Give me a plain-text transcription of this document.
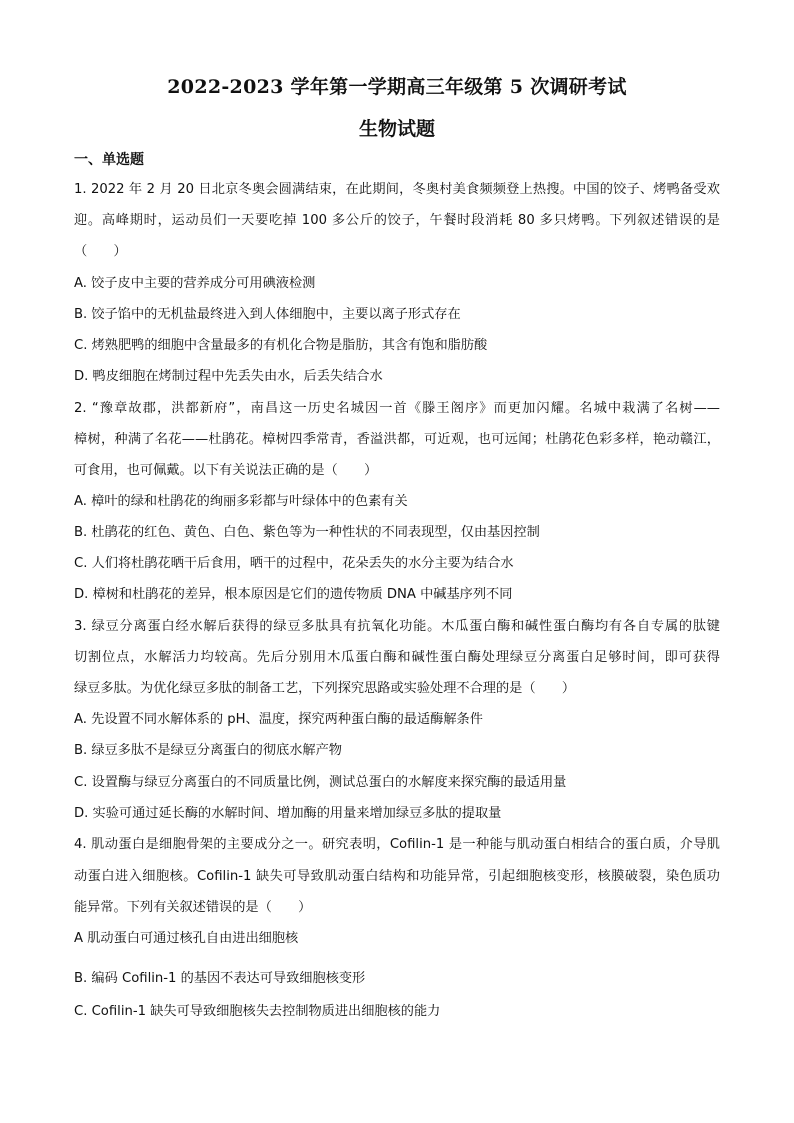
2022-2023 学年第一学期高三年级第 5 次调研考试
生物试题
一、单选题
1. 2022 年 2 月 20 日北京冬奥会圆满结束，在此期间，冬奥村美食频频登上热搜。中国的饺子、烤鸭备受欢
迎。高峰期时，运动员们一天要吃掉 100 多公斤的饺子，午餐时段消耗 80 多只烤鸭。下列叙述错误的是
（　　）
A. 饺子皮中主要的营养成分可用碘液检测
B. 饺子馅中的无机盐最终进入到人体细胞中，主要以离子形式存在
C. 烤熟肥鸭的细胞中含量最多的有机化合物是脂肪，其含有饱和脂肪酸
D. 鸭皮细胞在烤制过程中先丢失由水，后丢失结合水
2. “豫章故郡，洪都新府”，南昌这一历史名城因一首《滕王阁序》而更加闪耀。名城中栽满了名树——
樟树，种满了名花——杜鹃花。樟树四季常青，香溢洪都，可近观，也可远闻；杜鹃花色彩多样，艳动赣江，
可食用，也可佩戴。以下有关说法正确的是（　　）
A. 樟叶的绿和杜鹃花的绚丽多彩都与叶绿体中的色素有关
B. 杜鹃花的红色、黄色、白色、紫色等为一种性状的不同表现型，仅由基因控制
C. 人们将杜鹃花晒干后食用，晒干的过程中，花朵丢失的水分主要为结合水
D. 樟树和杜鹃花的差异，根本原因是它们的遗传物质 DNA 中碱基序列不同
3. 绿豆分离蛋白经水解后获得的绿豆多肽具有抗氧化功能。木瓜蛋白酶和碱性蛋白酶均有各自专属的肽键
切割位点，水解活力均较高。先后分别用木瓜蛋白酶和碱性蛋白酶处理绿豆分离蛋白足够时间，即可获得
绿豆多肽。为优化绿豆多肽的制备工艺，下列探究思路或实验处理不合理的是（　　）
A. 先设置不同水解体系的 pH、温度，探究两种蛋白酶的最适酶解条件
B. 绿豆多肽不是绿豆分离蛋白的彻底水解产物
C. 设置酶与绿豆分离蛋白的不同质量比例，测试总蛋白的水解度来探究酶的最适用量
D. 实验可通过延长酶的水解时间、增加酶的用量来增加绿豆多肽的提取量
4. 肌动蛋白是细胞骨架的主要成分之一。研究表明，Cofilin-1 是一种能与肌动蛋白相结合的蛋白质，介导肌
动蛋白进入细胞核。Cofilin-1 缺失可导致肌动蛋白结构和功能异常，引起细胞核变形，核膜破裂，染色质功
能异常。下列有关叙述错误的是（　　）
A 肌动蛋白可通过核孔自由进出细胞核
B. 编码 Cofilin-1 的基因不表达可导致细胞核变形
C. Cofilin-1 缺失可导致细胞核失去控制物质进出细胞核的能力
